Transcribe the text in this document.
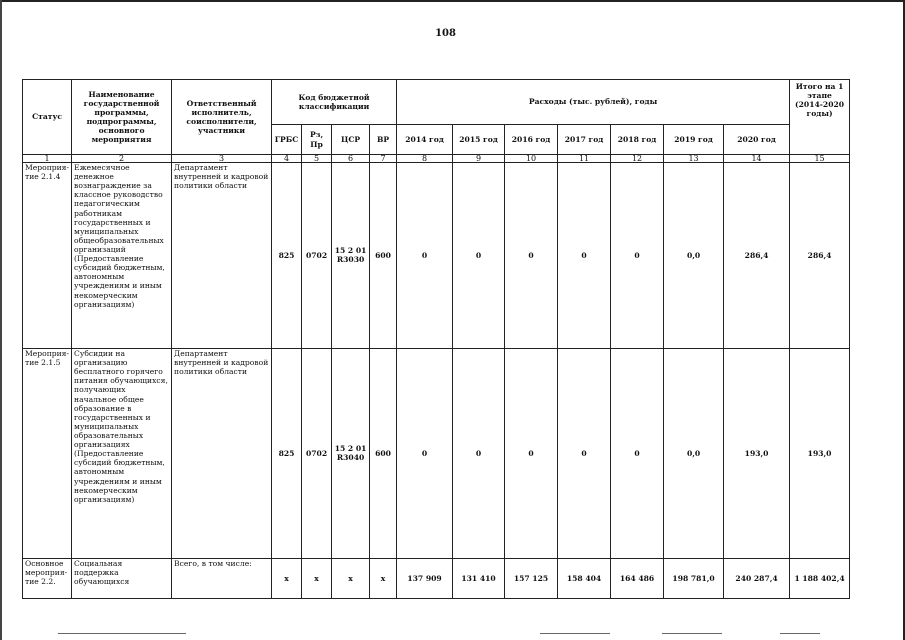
108
Статус	Наименование государственной программы, подпрограммы, основного мероприятия	Ответственный исполнитель, соисполнители, участники	Код бюджетной классификации				Расходы (тыс. рублей), годы							Итого на 1 этапе (2014-2020 годы)
			ГРБС	Рз, Пр	ЦСР	ВР	2014 год	2015 год	2016 год	2017 год	2018 год	2019 год	2020 год	
1	2	3	4	5	6	7	8	9	10	11	12	13	14	15
Мероприя-тие 2.1.4	Ежемесячное денежное вознаграждение за классное руководство педагогическим работникам государственных и муниципальных общеобразовательных организаций (Предоставление субсидий бюджетным, автономным учреждениям и иным некомерческим организациям)	Департамент внутренней и кадровой политики области	825	0702	15 2 01 R3030	600	0	0	0	0	0	0,0	286,4	286,4
Мероприя-тие 2.1.5	Субсидии на организацию бесплатного горячего питания обучающихся, получающих начальное общее образование в государственных и муниципальных образовательных организациях (Предоставление субсидий бюджетным, автономным учреждениям и иным некомерческим организациям)	Департамент внутренней и кадровой политики области	825	0702	15 2 01 R3040	600	0	0	0	0	0	0,0	193,0	193,0
Основное мероприя-тие 2.2.	Социальная поддержка обучающихся	Всего, в том числе:	x	x	x	x	137 909	131 410	157 125	158 404	164 486	198 781,0	240 287,4	1 188 402,4
